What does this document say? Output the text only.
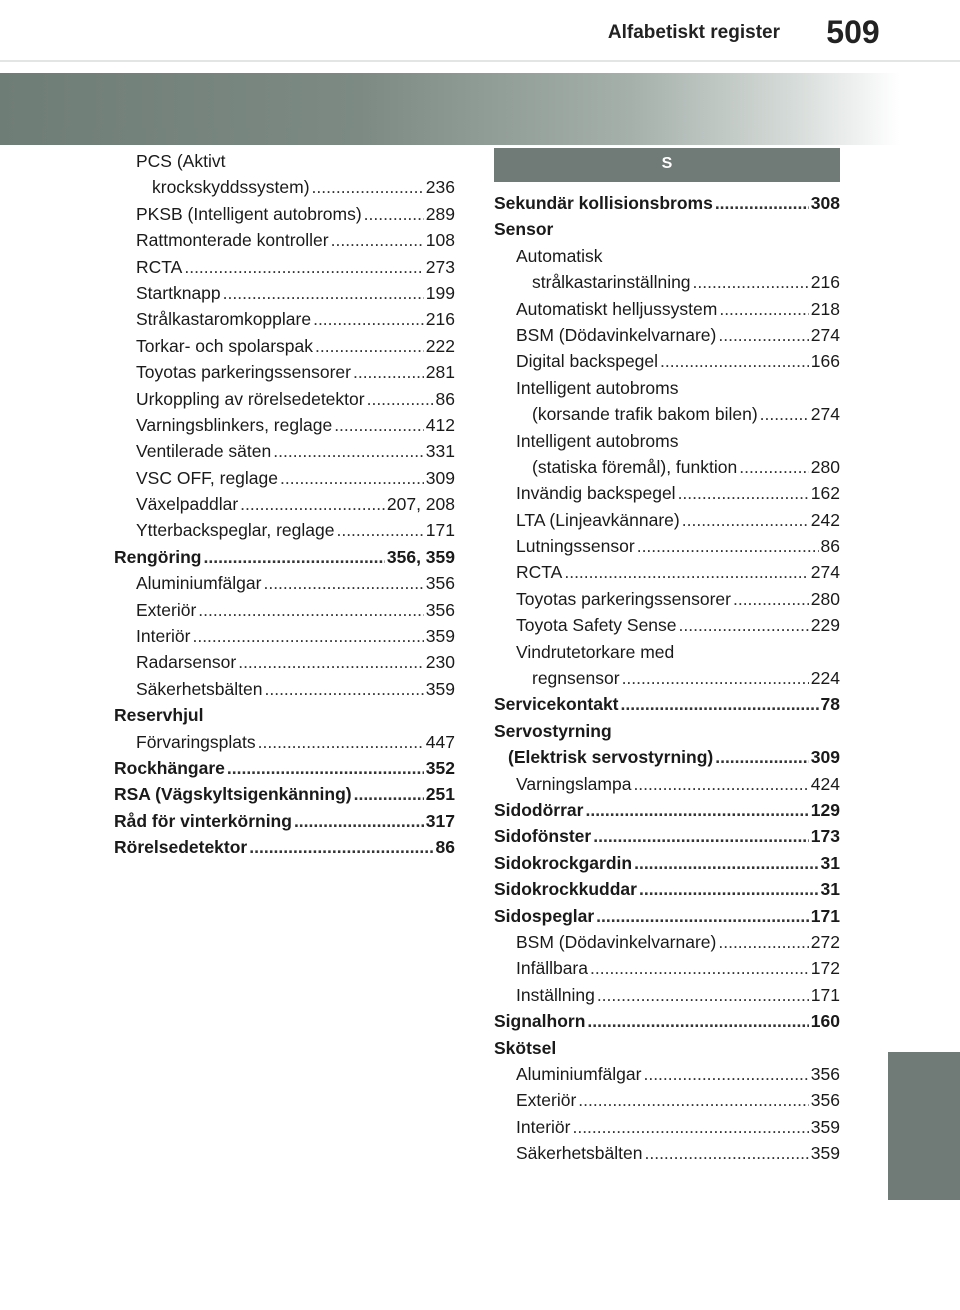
Alfabetiskt register	509
PCS (Aktivt
krockskyddssystem) .....	236
PKSB (Intelligent autobroms) .....	289
Rattmonterade kontroller .....	108
RCTA .....	273
Startknapp .....	199
Strålkastaromkopplare .....	216
Torkar- och spolarspak .....	222
Toyotas parkeringssensorer .....	281
Urkoppling av rörelsedetektor .....	86
Varningsblinkers, reglage .....	412
Ventilerade säten .....	331
VSC OFF, reglage .....	309
Växelpaddlar .....	207, 208
Ytterbackspeglar, reglage .....	171
Rengöring .....	356, 359
Aluminiumfälgar .....	356
Exteriör .....	356
Interiör .....	359
Radarsensor .....	230
Säkerhetsbälten .....	359
Reservhjul
Förvaringsplats .....	447
Rockhängare .....	352
RSA (Vägskyltsigenkänning) .....	251
Råd för vinterkörning .....	317
Rörelsedetektor .....	86
S
Sekundär kollisionsbroms .....	308
Sensor
Automatisk
strålkastarinställning .....	216
Automatiskt helljussystem .....	218
BSM (Dödavinkelvarnare) .....	274
Digital backspegel .....	166
Intelligent autobroms
(korsande trafik bakom bilen) .....	274
Intelligent autobroms
(statiska föremål), funktion .....	280
Invändig backspegel .....	162
LTA (Linjeavkännare) .....	242
Lutningssensor .....	86
RCTA .....	274
Toyotas parkeringssensorer .....	280
Toyota Safety Sense .....	229
Vindrutetorkare med
regnsensor .....	224
Servicekontakt .....	78
Servostyrning
(Elektrisk servostyrning) .....	309
Varningslampa .....	424
Sidodörrar .....	129
Sidofönster .....	173
Sidokrockgardin .....	31
Sidokrockkuddar .....	31
Sidospeglar .....	171
BSM (Dödavinkelvarnare) .....	272
Infällbara .....	172
Inställning .....	171
Signalhorn .....	160
Skötsel
Aluminiumfälgar .....	356
Exteriör .....	356
Interiör .....	359
Säkerhetsbälten .....	359
